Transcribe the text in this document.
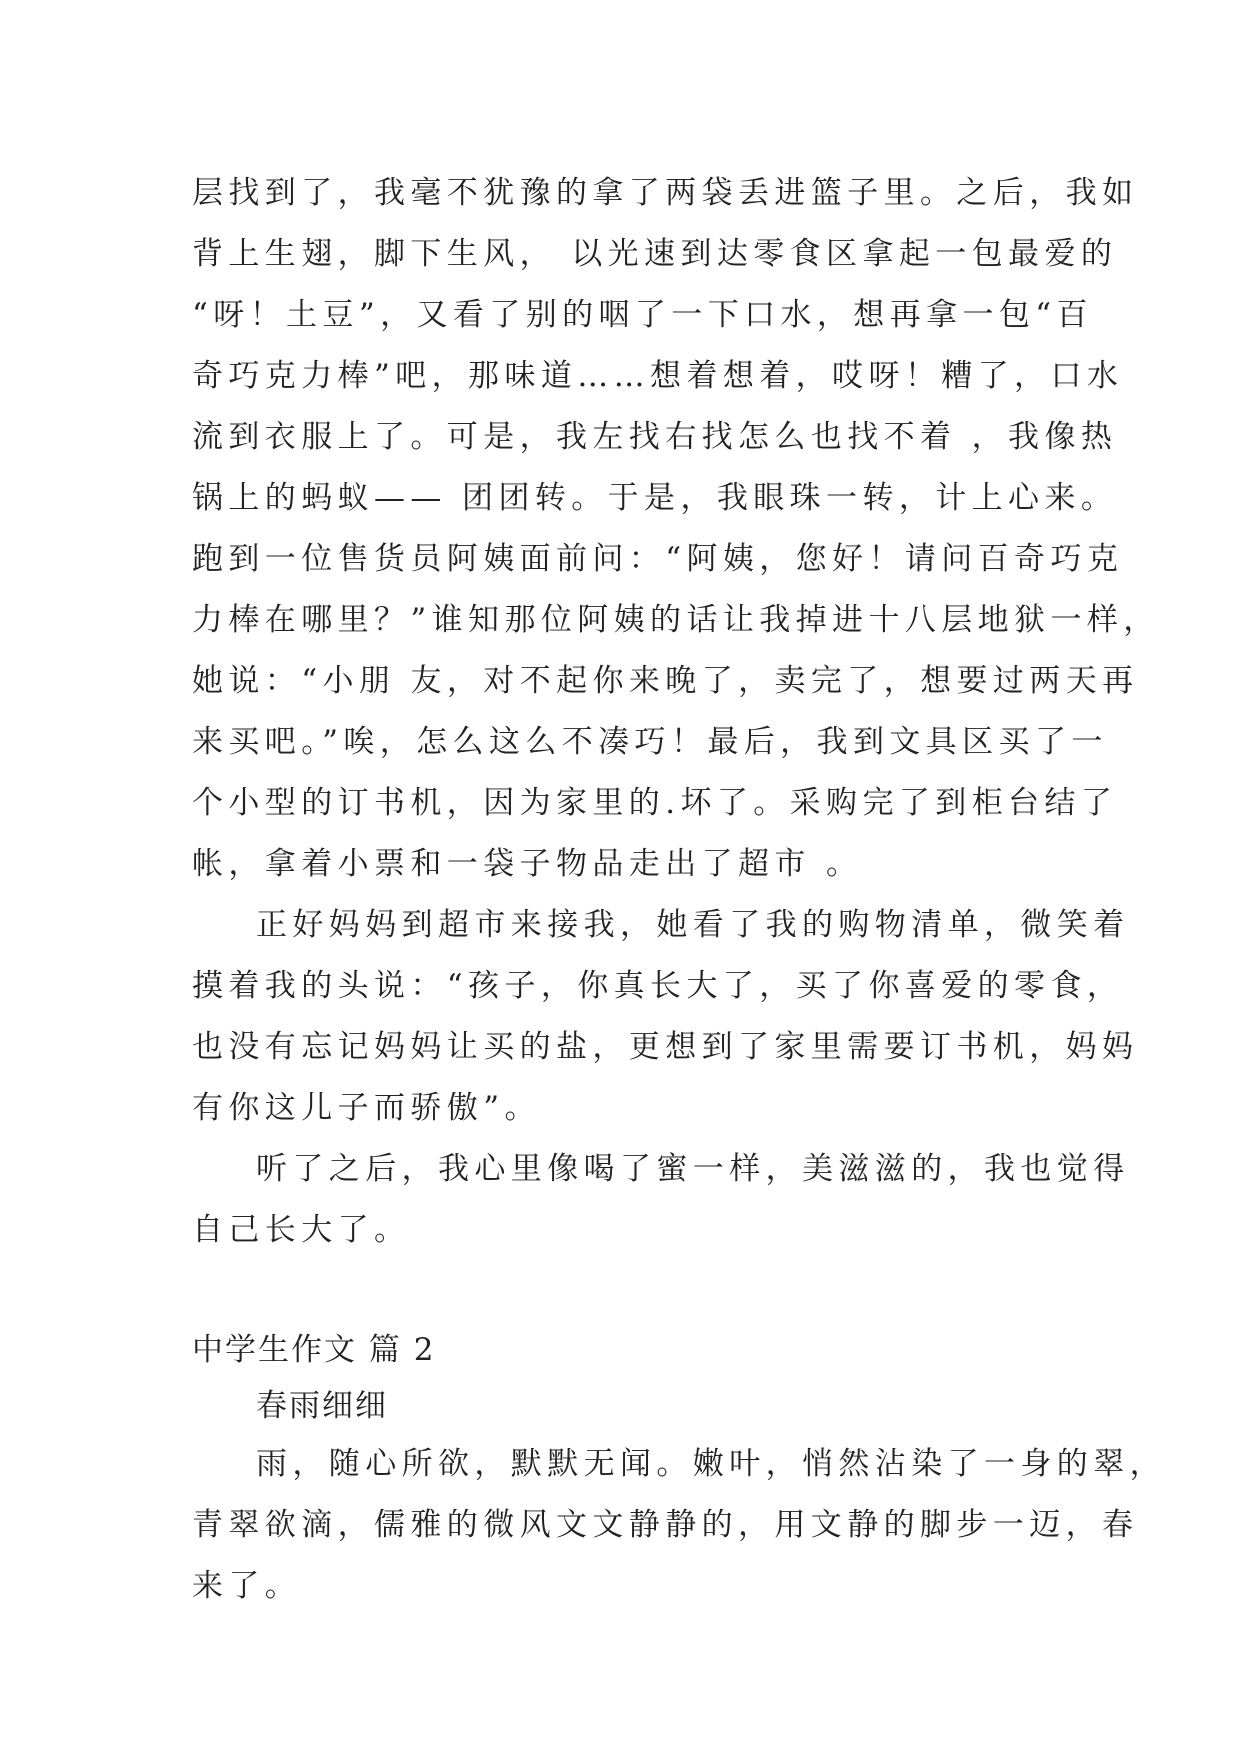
层找到了，我毫不犹豫的拿了两袋丢进篮子里。之后，我如
背上生翅，脚下生风， 以光速到达零食区拿起一包最爱的
“呀！土豆”，又看了别的咽了一下口水，想再拿一包“百
奇巧克力棒”吧，那味道……想着想着，哎呀！糟了，口水
流到衣服上了。可是，我左找右找怎么也找不着 ，我像热
锅上的蚂蚁—— 团团转。于是，我眼珠一转，计上心来。
跑到一位售货员阿姨面前问：“阿姨，您好！请问百奇巧克
力棒在哪里？”谁知那位阿姨的话让我掉进十八层地狱一样，
她说：“小朋 友，对不起你来晚了，卖完了，想要过两天再
来买吧。”唉，怎么这么不凑巧！最后，我到文具区买了一
个小型的订书机，因为家里的.坏了。采购完了到柜台结了
帐，拿着小票和一袋子物品走出了超市 。
正好妈妈到超市来接我，她看了我的购物清单，微笑着
摸着我的头说：“孩子，你真长大了，买了你喜爱的零食，
也没有忘记妈妈让买的盐，更想到了家里需要订书机，妈妈
有你这儿子而骄傲”。
听了之后，我心里像喝了蜜一样，美滋滋的，我也觉得
自己长大了。
中学生作文 篇 2
春雨细细
雨，随心所欲，默默无闻。嫩叶，悄然沾染了一身的翠，
青翠欲滴，儒雅的微风文文静静的，用文静的脚步一迈，春
来了。
